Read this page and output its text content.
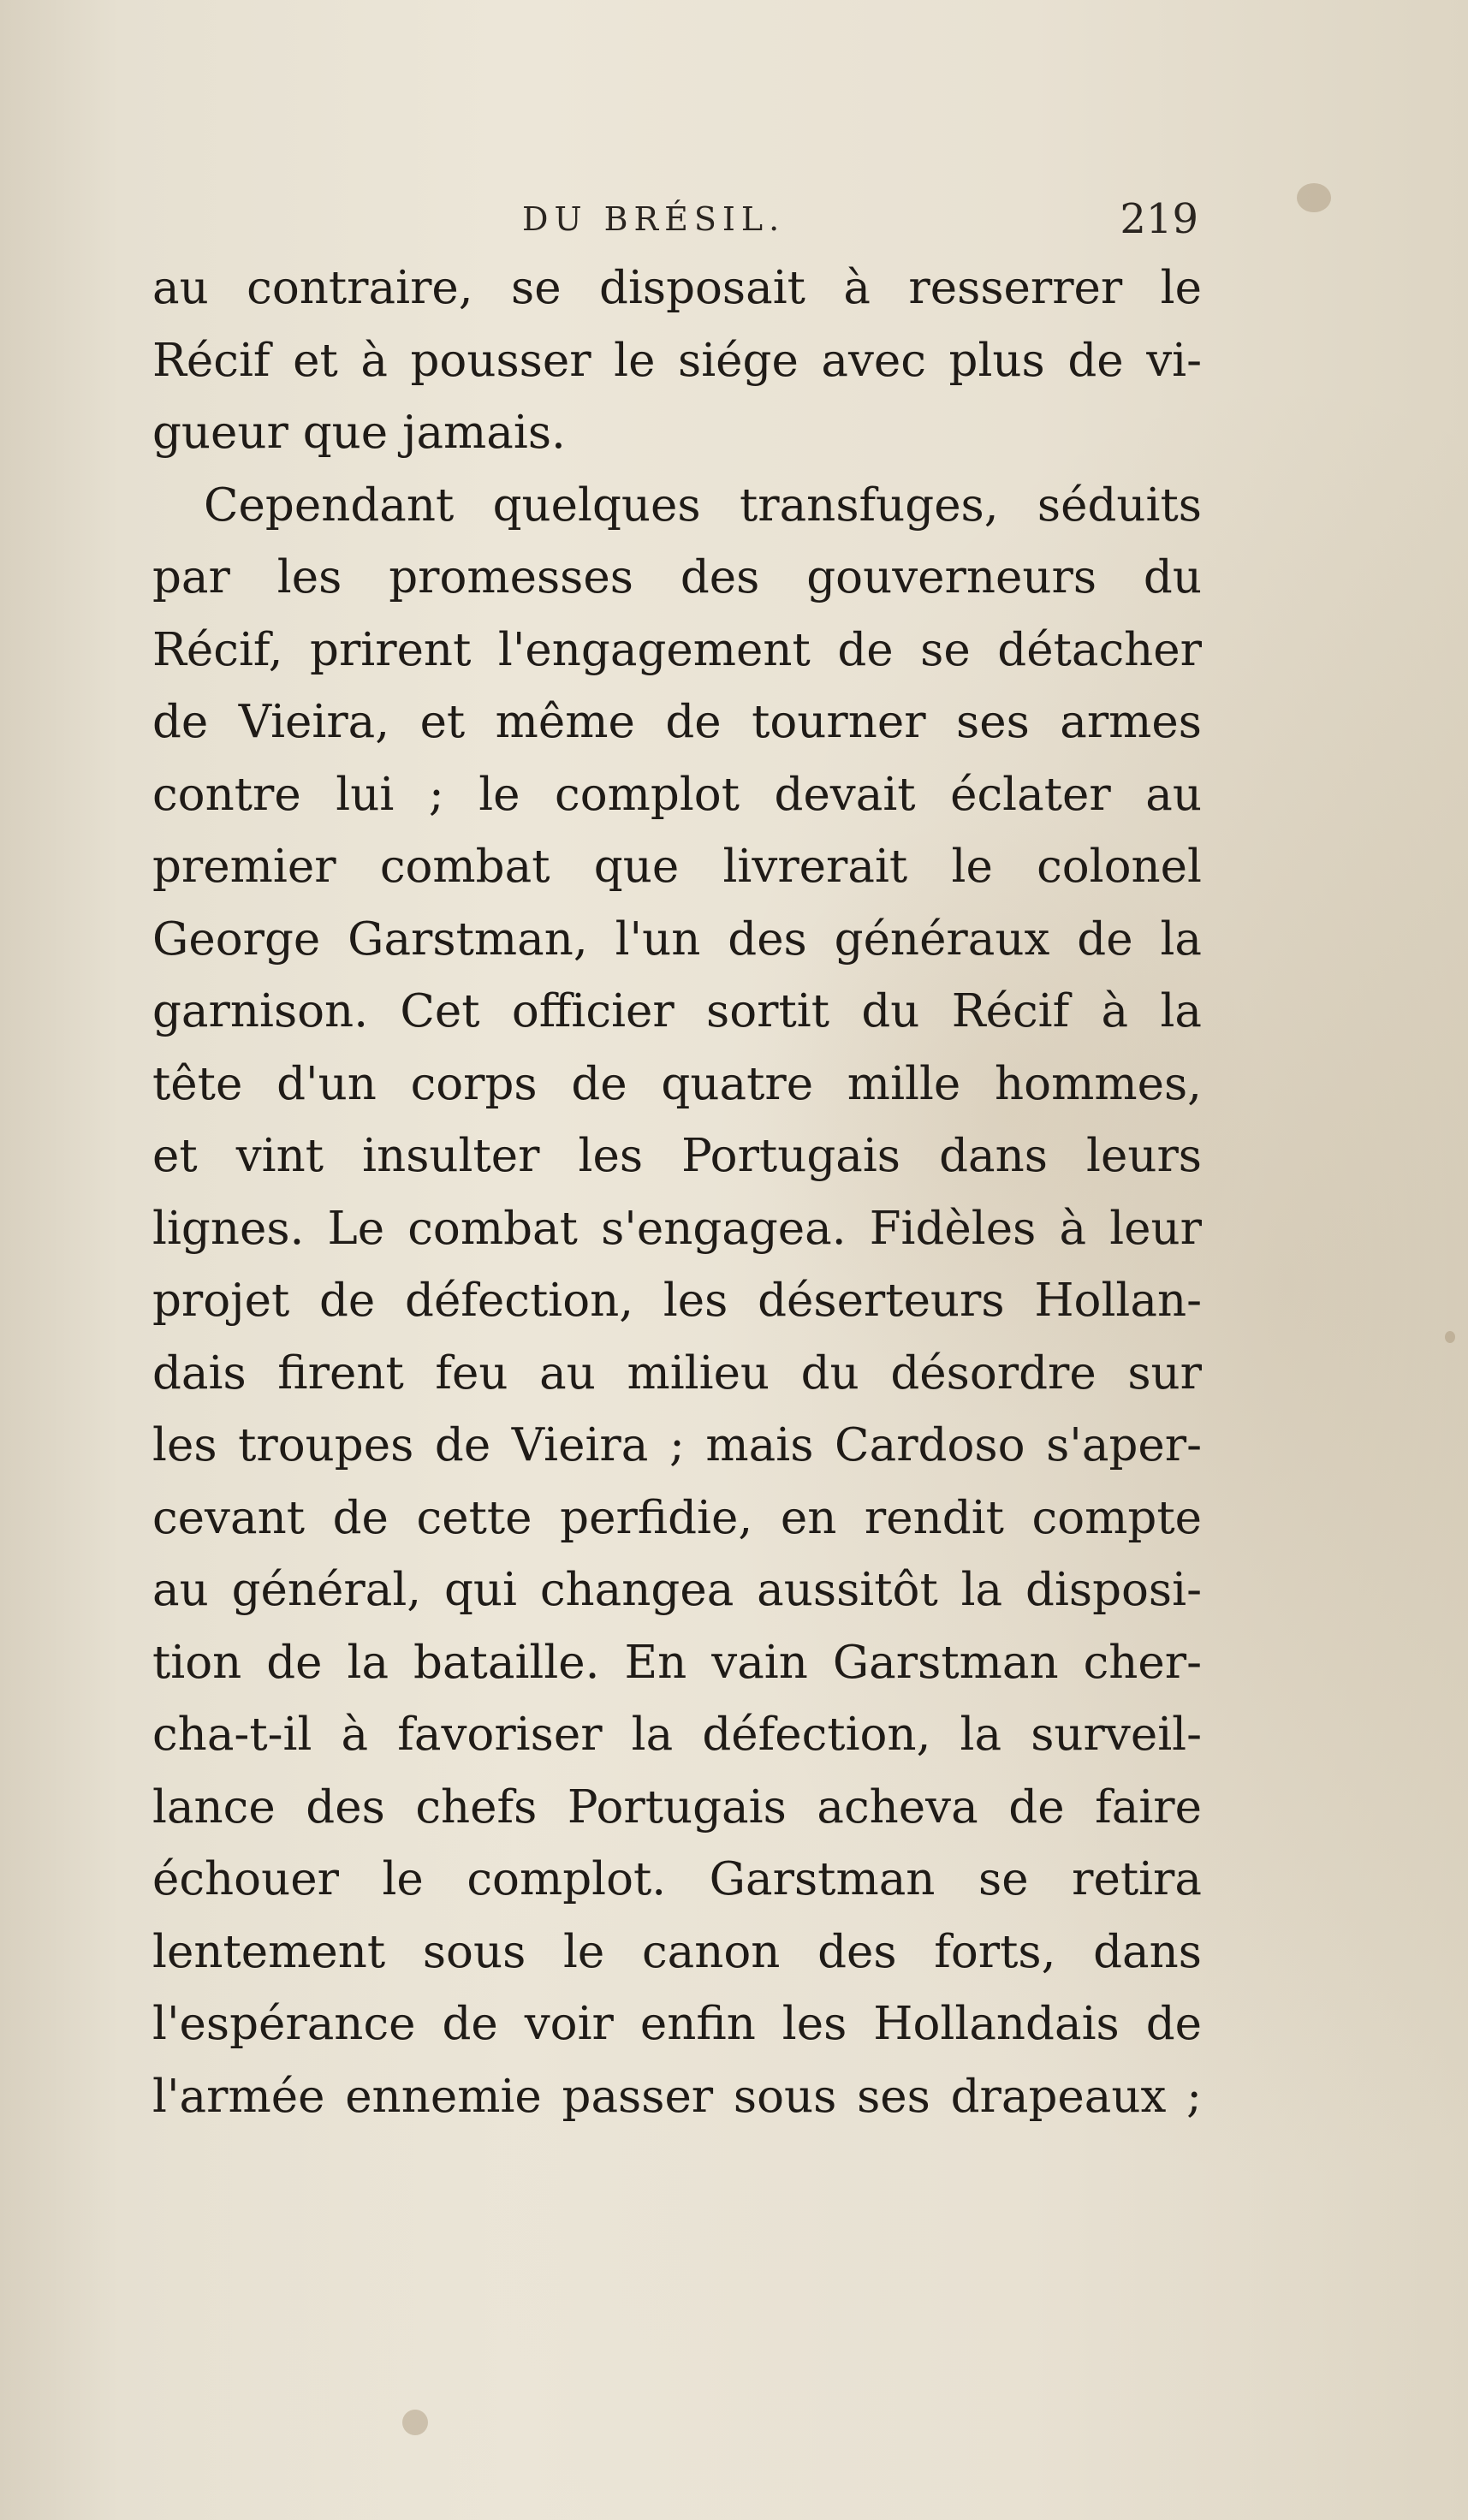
DU BRÉSIL.	219
au contraire, se disposait à resserrer le
Récif et à pousser le siége avec plus de vi-
gueur que jamais.
Cependant quelques transfuges, séduits
par les promesses des gouverneurs du
Récif, prirent l'engagement de se détacher
de Vieira, et même de tourner ses armes
contre lui ; le complot devait éclater au
premier combat que livrerait le colonel
George Garstman, l'un des généraux de la
garnison. Cet officier sortit du Récif à la
tête d'un corps de quatre mille hommes,
et vint insulter les Portugais dans leurs
lignes. Le combat s'engagea. Fidèles à leur
projet de défection, les déserteurs Hollan-
dais firent feu au milieu du désordre sur
les troupes de Vieira ; mais Cardoso s'aper-
cevant de cette perfidie, en rendit compte
au général, qui changea aussitôt la disposi-
tion de la bataille. En vain Garstman cher-
cha-t-il à favoriser la défection, la surveil-
lance des chefs Portugais acheva de faire
échouer le complot. Garstman se retira
lentement sous le canon des forts, dans
l'espérance de voir enfin les Hollandais de
l'armée ennemie passer sous ses drapeaux ;
